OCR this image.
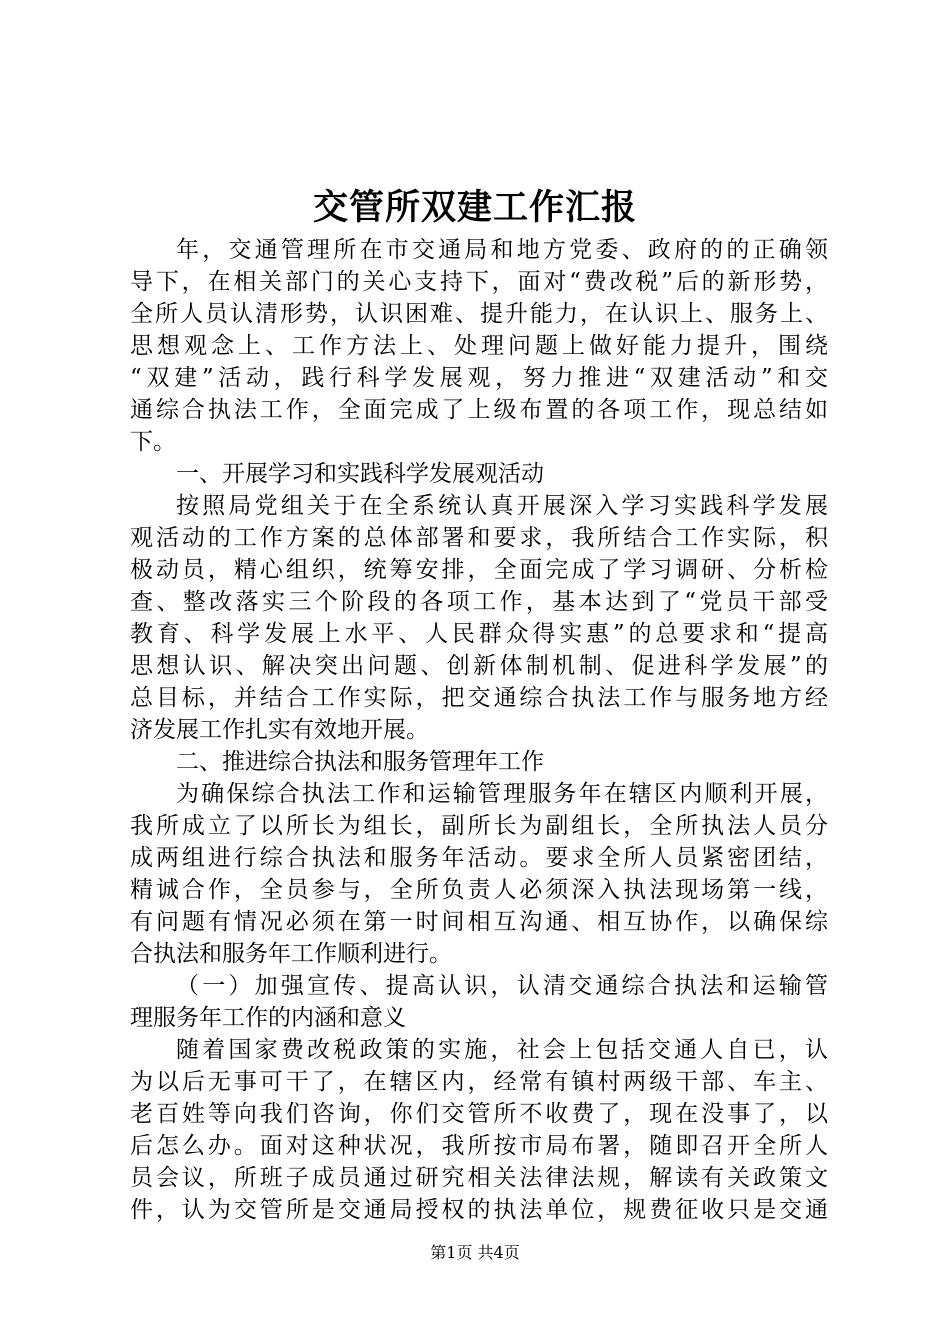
交管所双建工作汇报
年，交通管理所在市交通局和地方党委、政府的的正确领
导下，在相关部门的关心支持下，面对“费改税”后的新形势，
全所人员认清形势，认识困难、提升能力，在认识上、服务上、
思想观念上、工作方法上、处理问题上做好能力提升，围绕
“双建”活动，践行科学发展观，努力推进“双建活动”和交
通综合执法工作，全面完成了上级布置的各项工作，现总结如
下。
一、开展学习和实践科学发展观活动
按照局党组关于在全系统认真开展深入学习实践科学发展
观活动的工作方案的总体部署和要求，我所结合工作实际，积
极动员，精心组织，统筹安排，全面完成了学习调研、分析检
查、整改落实三个阶段的各项工作，基本达到了“党员干部受
教育、科学发展上水平、人民群众得实惠”的总要求和“提高
思想认识、解决突出问题、创新体制机制、促进科学发展”的
总目标，并结合工作实际，把交通综合执法工作与服务地方经
济发展工作扎实有效地开展。
二、推进综合执法和服务管理年工作
为确保综合执法工作和运输管理服务年在辖区内顺利开展，
我所成立了以所长为组长，副所长为副组长，全所执法人员分
成两组进行综合执法和服务年活动。要求全所人员紧密团结，
精诚合作，全员参与，全所负责人必须深入执法现场第一线，
有问题有情况必须在第一时间相互沟通、相互协作，以确保综
合执法和服务年工作顺利进行。
（一）加强宣传、提高认识，认清交通综合执法和运输管
理服务年工作的内涵和意义
随着国家费改税政策的实施，社会上包括交通人自已，认
为以后无事可干了，在辖区内，经常有镇村两级干部、车主、
老百姓等向我们咨询，你们交管所不收费了，现在没事了，以
后怎么办。面对这种状况，我所按市局布署，随即召开全所人
员会议，所班子成员通过研究相关法律法规，解读有关政策文
件，认为交管所是交通局授权的执法单位，规费征收只是交通
第1页 共4页
